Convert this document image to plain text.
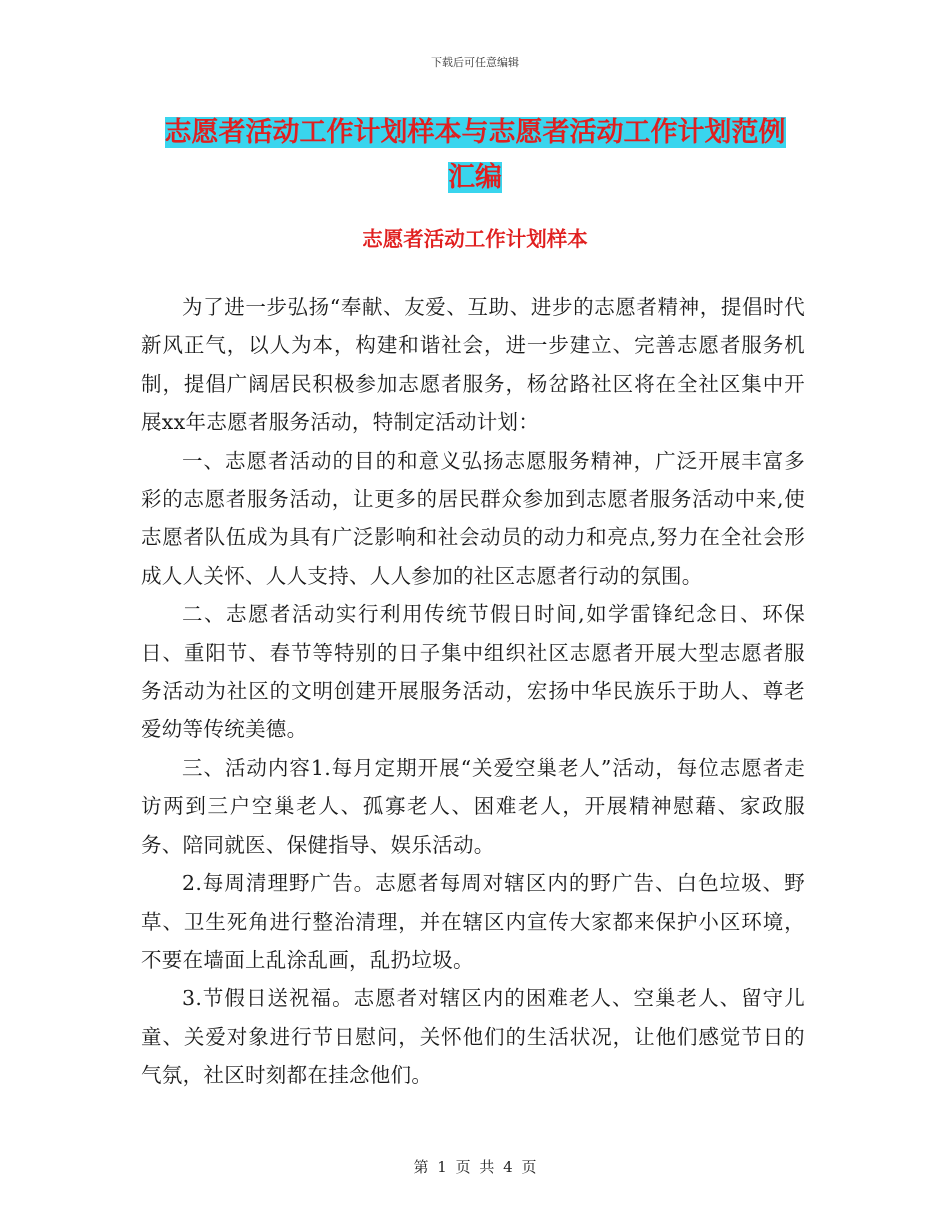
下载后可任意编辑
志愿者活动工作计划样本与志愿者活动工作计划范例
汇编
志愿者活动工作计划样本

为了进一步弘扬“奉献、友爱、互助、进步的志愿者精神，提倡时代新风正气，以人为本，构建和谐社会，进一步建立、完善志愿者服务机制，提倡广阔居民积极参加志愿者服务，杨岔路社区将在全社区集中开展xx年志愿者服务活动，特制定活动计划：

一、志愿者活动的目的和意义弘扬志愿服务精神，广泛开展丰富多彩的志愿者服务活动，让更多的居民群众参加到志愿者服务活动中来,使志愿者队伍成为具有广泛影响和社会动员的动力和亮点,努力在全社会形成人人关怀、人人支持、人人参加的社区志愿者行动的氛围。

二、志愿者活动实行利用传统节假日时间,如学雷锋纪念日、环保日、重阳节、春节等特别的日子集中组织社区志愿者开展大型志愿者服务活动为社区的文明创建开展服务活动，宏扬中华民族乐于助人、尊老爱幼等传统美德。

三、活动内容1.每月定期开展“关爱空巢老人”活动，每位志愿者走访两到三户空巢老人、孤寡老人、困难老人，开展精神慰藉、家政服务、陪同就医、保健指导、娱乐活动。

2.每周清理野广告。志愿者每周对辖区内的野广告、白色垃圾、野草、卫生死角进行整治清理，并在辖区内宣传大家都来保护小区环境，不要在墙面上乱涂乱画，乱扔垃圾。

3.节假日送祝福。志愿者对辖区内的困难老人、空巢老人、留守儿童、关爱对象进行节日慰问，关怀他们的生活状况，让他们感觉节日的气氛，社区时刻都在挂念他们。

第 1 页 共 4 页
